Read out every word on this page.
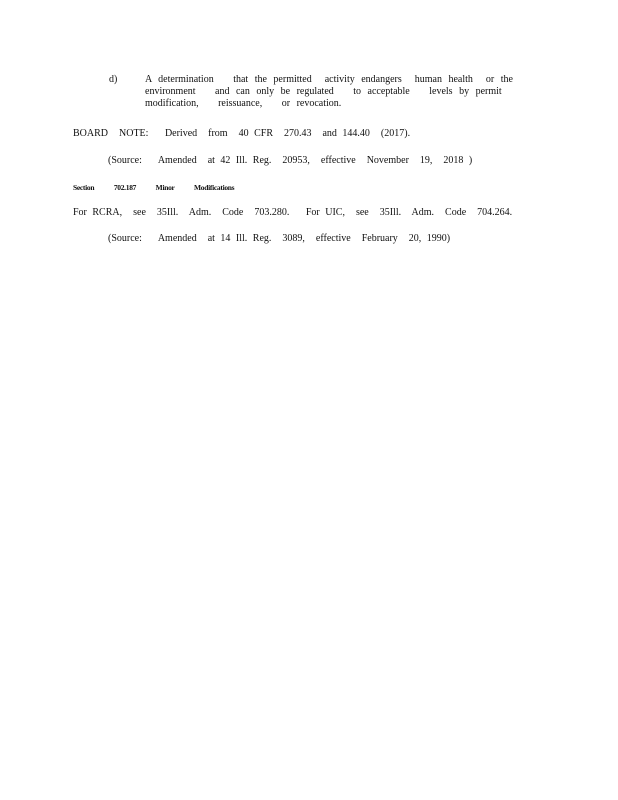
d)	A determination   that the permitted  activity endangers  human health  or the
environment   and can only be regulated   to acceptable   levels by permit
modification,   reissuance,   or revocation.
BOARD  NOTE:   Derived  from  40 CFR  270.43  and 144.40  (2017).
(Source:   Amended  at 42 Ill. Reg.  20953,  effective  November  19,  2018 )
Section	702.187	Minor	Modifications
For RCRA,  see  35Ill.  Adm.  Code  703.280.   For UIC,  see  35Ill.  Adm.  Code  704.264.
(Source:   Amended  at 14 Ill. Reg.  3089,  effective  February  20, 1990)
